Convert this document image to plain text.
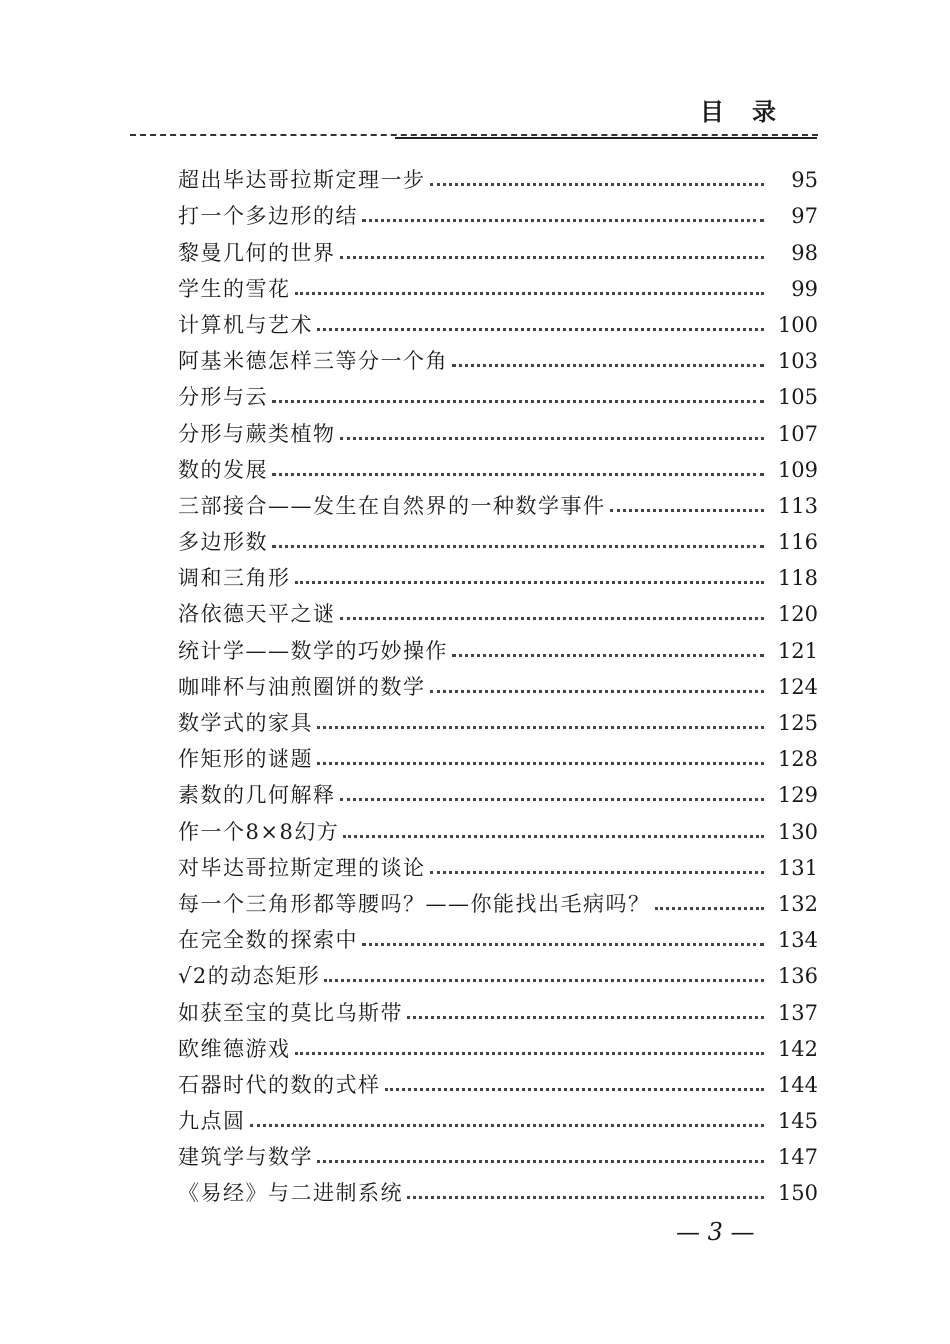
目录
超出毕达哥拉斯定理一步	95
打一个多边形的结	97
黎曼几何的世界	98
学生的雪花	99
计算机与艺术	100
阿基米德怎样三等分一个角	103
分形与云	105
分形与蕨类植物	107
数的发展	109
三部接合——发生在自然界的一种数学事件	113
多边形数	116
调和三角形	118
洛依德天平之谜	120
统计学——数学的巧妙操作	121
咖啡杯与油煎圈饼的数学	124
数学式的家具	125
作矩形的谜题	128
素数的几何解释	129
作一个8×8幻方	130
对毕达哥拉斯定理的谈论	131
每一个三角形都等腰吗？——你能找出毛病吗？	132
在完全数的探索中	134
√2的动态矩形	136
如获至宝的莫比乌斯带	137
欧维德游戏	142
石器时代的数的式样	144
九点圆	145
建筑学与数学	147
《易经》与二进制系统	150
— 3 —
